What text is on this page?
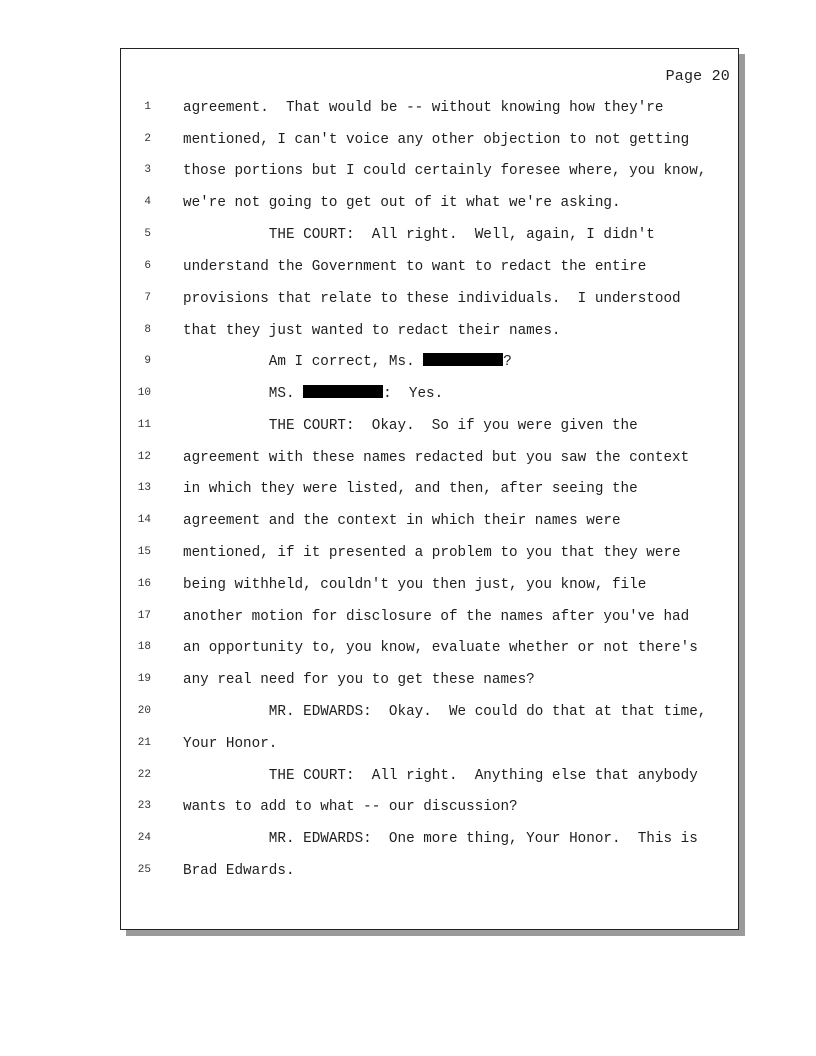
Page 20
1 agreement.  That would be -- without knowing how they're
2 mentioned, I can't voice any other objection to not getting
3 those portions but I could certainly foresee where, you know,
4 we're not going to get out of it what we're asking.
5 THE COURT:  All right.  Well, again, I didn't
6 understand the Government to want to redact the entire
7 provisions that relate to these individuals.  I understood
8 that they just wanted to redact their names.
9 Am I correct, Ms.	?
10 MS.	:  Yes.
11 THE COURT:  Okay.  So if you were given the
12 agreement with these names redacted but you saw the context
13 in which they were listed, and then, after seeing the
14 agreement and the context in which their names were
15 mentioned, if it presented a problem to you that they were
16 being withheld, couldn't you then just, you know, file
17 another motion for disclosure of the names after you've had
18 an opportunity to, you know, evaluate whether or not there's
19 any real need for you to get these names?
20 MR. EDWARDS:  Okay.  We could do that at that time,
21 Your Honor.
22 THE COURT:  All right.  Anything else that anybody
23 wants to add to what -- our discussion?
24 MR. EDWARDS:  One more thing, Your Honor.  This is
25 Brad Edwards.
